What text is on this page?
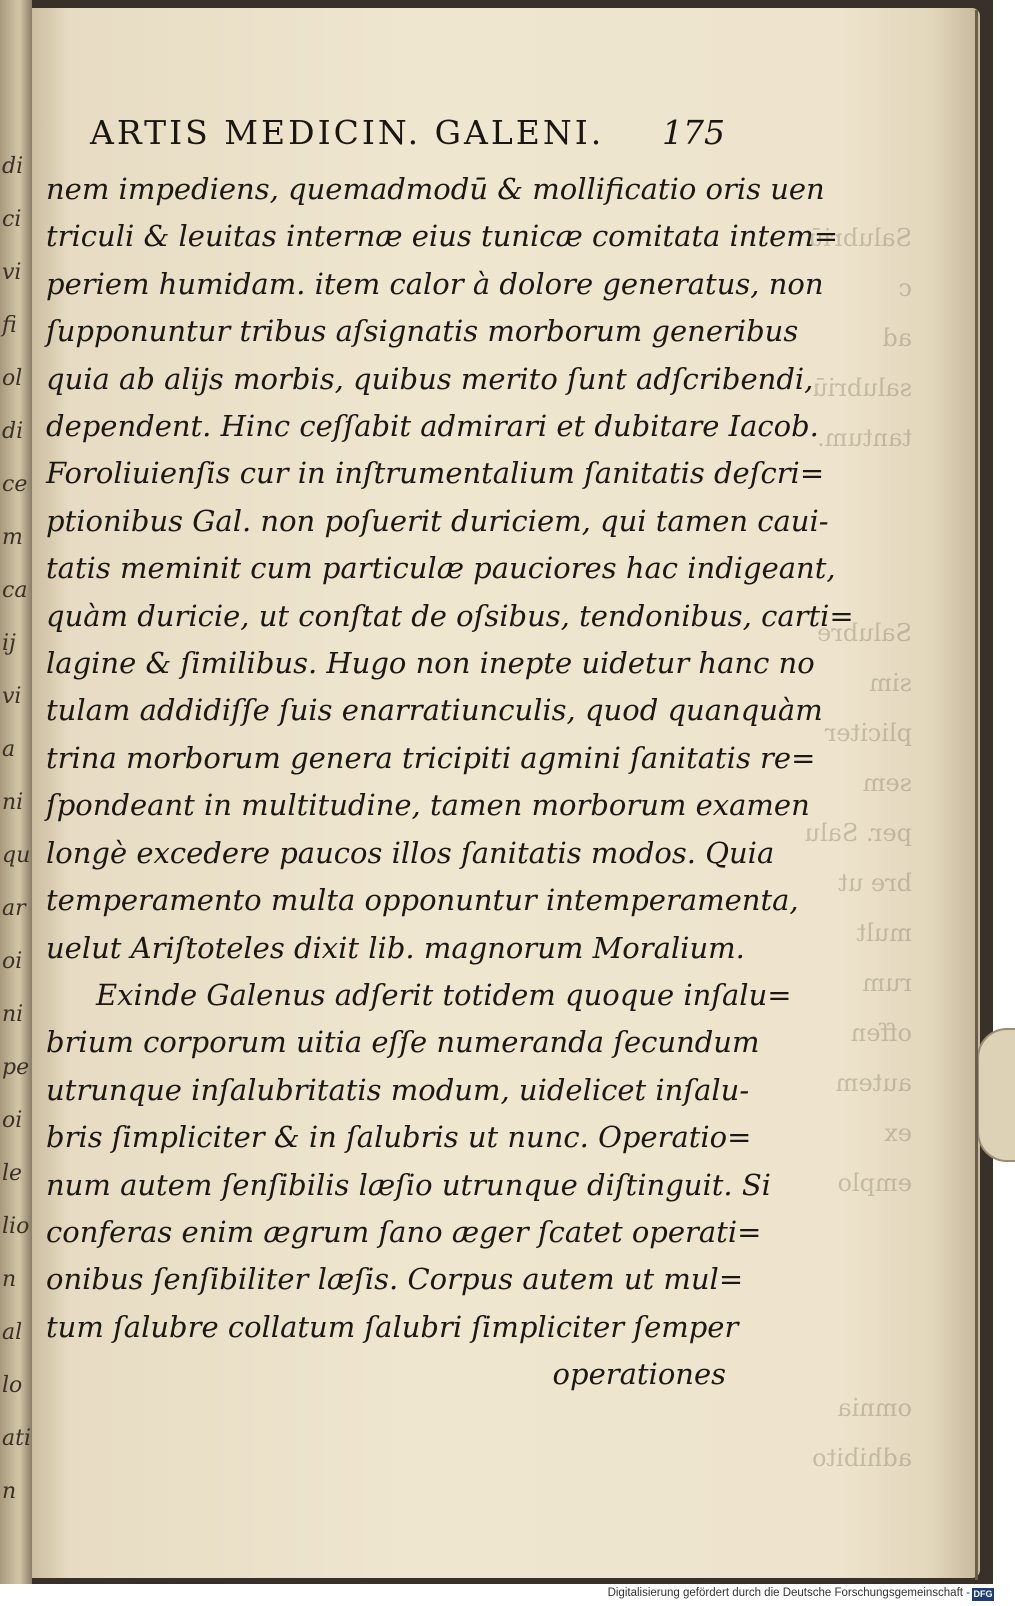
di
ci
vi
fi
ol
di
ce
m
ca
ij
vi
a
ni
qu
ar
oi
ni
pe
oi
le
lio
n
al
lo
ati
n
Salubriū c
ad salubriū
tantum.
Salubre sim
pliciter sem
per. Salu
bre ut mult
rum offen
autem ex
emplo

omnia
adhibito
ARTIS MEDICIN. GALENI.	175
nem impediens, quemadmodū & mollificatio oris uen
triculi & leuitas internæ eius tunicæ comitata intem=
periem humidam. item calor à dolore generatus, non
ſupponuntur tribus aſsignatis morborum generibus
quia ab alijs morbis, quibus merito ſunt adſcribendi,
dependent. Hinc ceſſabit admirari et dubitare Iacob.
Foroliuienſis cur in inſtrumentalium ſanitatis deſcri=
ptionibus Gal. non poſuerit duriciem, qui tamen caui-
tatis meminit cum particulæ pauciores hac indigeant,
quàm duricie, ut conſtat de oſsibus, tendonibus, carti=
lagine & ſimilibus. Hugo non inepte uidetur hanc no
tulam addidiſſe ſuis enarratiunculis, quod quanquàm
trina morborum genera tricipiti agmini ſanitatis re=
ſpondeant in multitudine, tamen morborum examen
longè excedere paucos illos ſanitatis modos. Quia
temperamento multa opponuntur intemperamenta,
uelut Ariſtoteles dixit lib. magnorum Moralium.
Exinde Galenus adſerit totidem quoque inſalu=
brium corporum uitia eſſe numeranda ſecundum
utrunque inſalubritatis modum, uidelicet inſalu-
bris ſimpliciter & in ſalubris ut nunc. Operatio=
num autem ſenſibilis læſio utrunque diſtinguit. Si
conferas enim ægrum ſano æger ſcatet operati=
onibus ſenſibiliter læſis. Corpus autem ut mul=
tum ſalubre collatum ſalubri ſimpliciter ſemper
operationes
Digitalisierung gefördert durch die Deutsche Forschungsgemeinschaft - DFG
